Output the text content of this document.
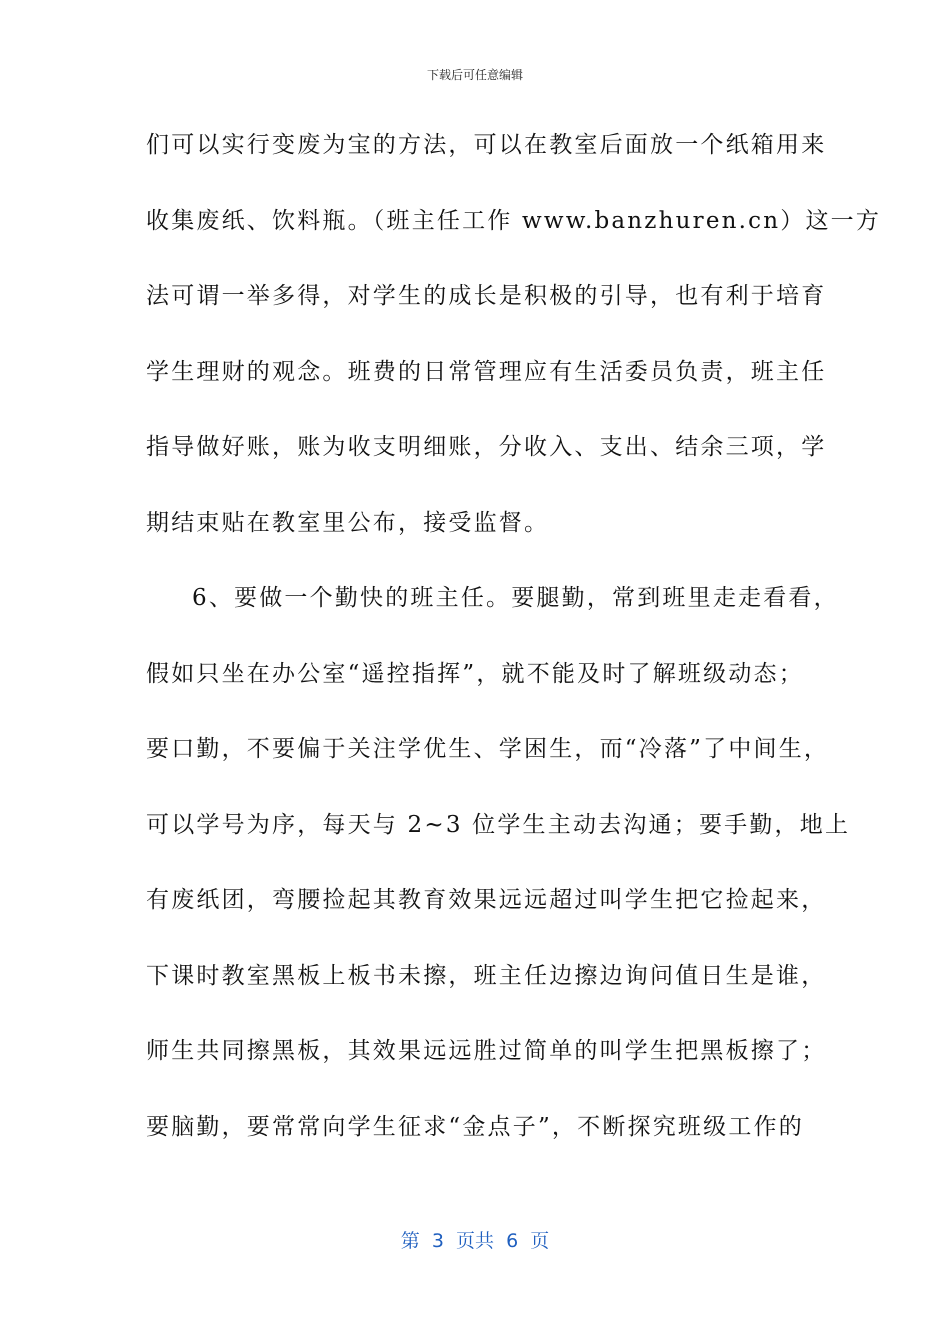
下载后可任意编辑
们可以实行变废为宝的方法，可以在教室后面放一个纸箱用来
收集废纸、饮料瓶。（班主任工作 www.banzhuren.cn）这一方
法可谓一举多得，对学生的成长是积极的引导，也有利于培育
学生理财的观念。班费的日常管理应有生活委员负责，班主任
指导做好账，账为收支明细账，分收入、支出、结余三项，学
期结束贴在教室里公布，接受监督。
6、要做一个勤快的班主任。要腿勤，常到班里走走看看，
假如只坐在办公室“遥控指挥”，就不能及时了解班级动态；
要口勤，不要偏于关注学优生、学困生，而“冷落”了中间生，
可以学号为序，每天与 2~3 位学生主动去沟通；要手勤，地上
有废纸团，弯腰捡起其教育效果远远超过叫学生把它捡起来，
下课时教室黑板上板书未擦，班主任边擦边询问值日生是谁，
师生共同擦黑板，其效果远远胜过简单的叫学生把黑板擦了；
要脑勤，要常常向学生征求“金点子”，不断探究班级工作的
第  3  页共  6  页
